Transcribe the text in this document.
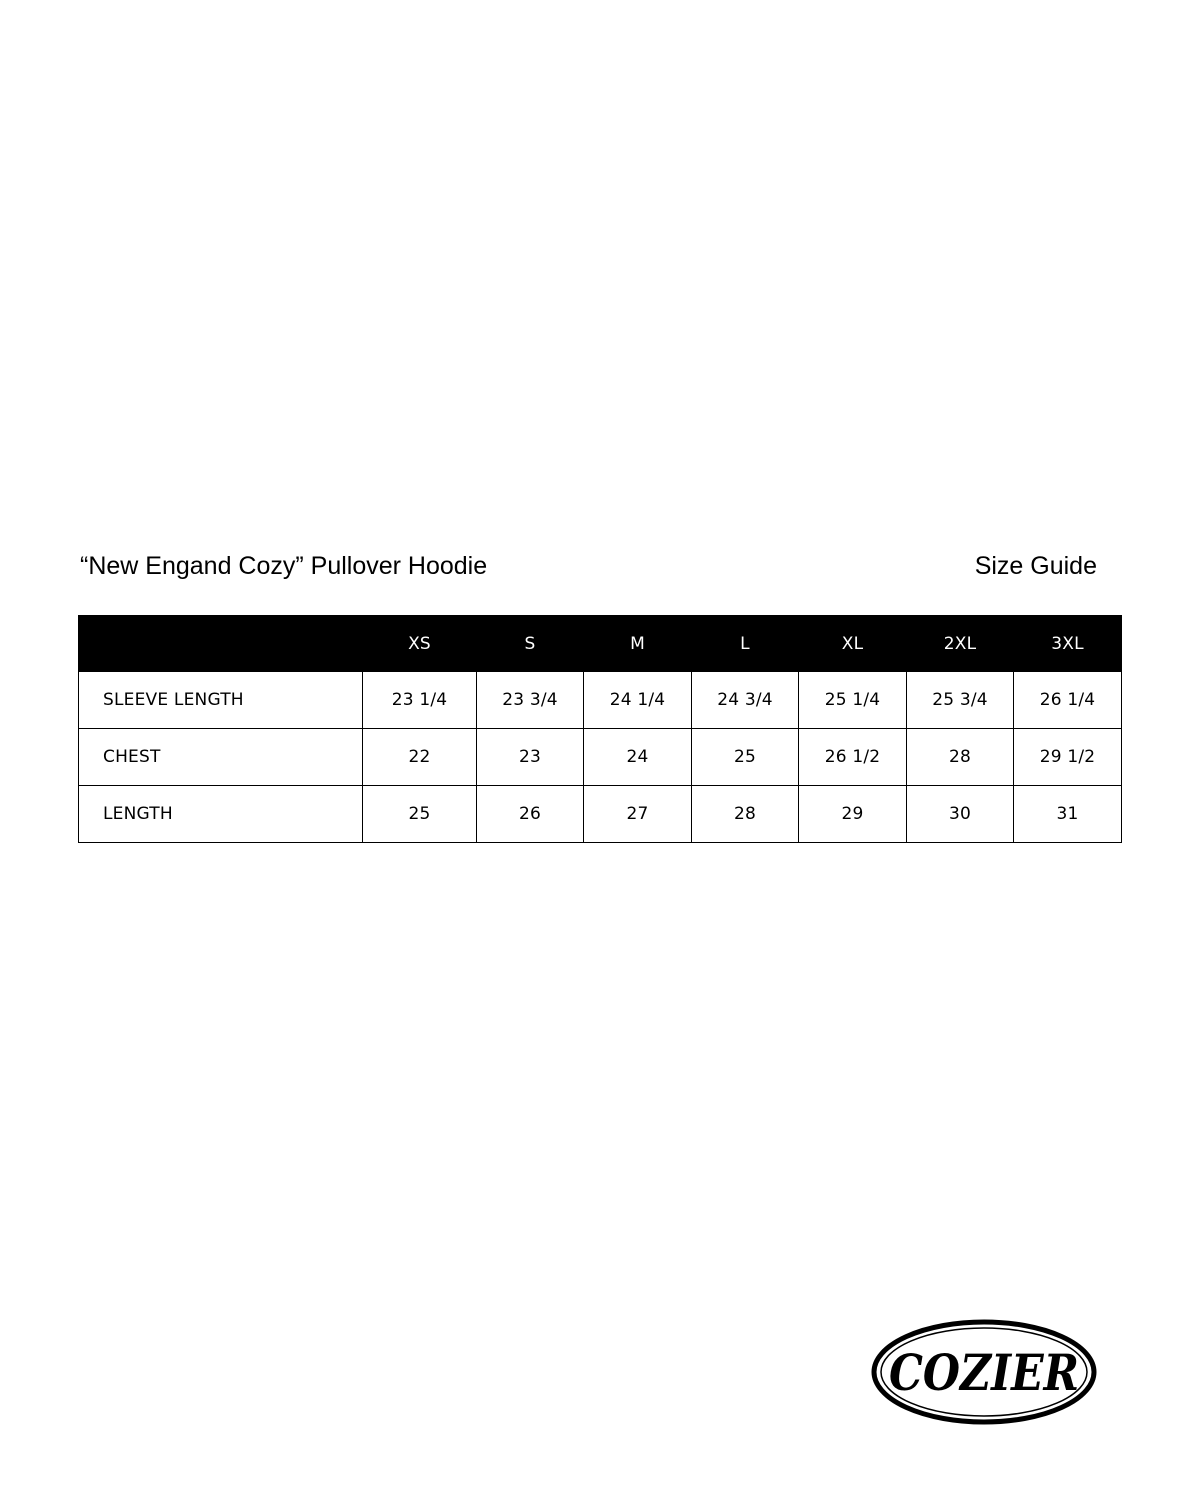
“New Engand Cozy” Pullover Hoodie	Size Guide
	XS	S	M	L	XL	2XL	3XL
SLEEVE LENGTH	23 1/4	23 3/4	24 1/4	24 3/4	25 1/4	25 3/4	26 1/4
CHEST	22	23	24	25	26 1/2	28	29 1/2
LENGTH	25	26	27	28	29	30	31
COZIER
